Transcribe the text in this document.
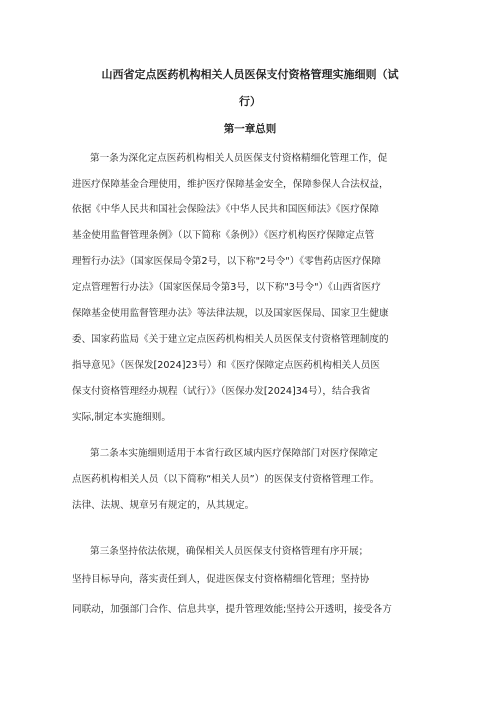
山西省定点医药机构相关人员医保支付资格管理实施细则（试
行）
第一章总则
第一条为深化定点医药机构相关人员医保支付资格精细化管理工作，促
进医疗保障基金合理使用，维护医疗保障基金安全，保障参保人合法权益，
依据《中华人民共和国社会保险法》《中华人民共和国医师法》《医疗保障
基金使用监督管理条例》（以下简称《条例》）《医疗机构医疗保障定点管
理暂行办法》（国家医保局令第2号，以下称"2号令"）《零售药店医疗保障
定点管理暂行办法》（国家医保局令第3号，以下称"3号令"）《山西省医疗
保障基金使用监督管理办法》等法律法规，以及国家医保局、国家卫生健康
委、国家药监局《关于建立定点医药机构相关人员医保支付资格管理制度的
指导意见》（医保发[2024]23号）和《医疗保障定点医药机构相关人员医
保支付资格管理经办规程（试行）》（医保办发[2024]34号），结合我省
实际,制定本实施细则。
第二条本实施细则适用于本省行政区域内医疗保障部门对医疗保障定
点医药机构相关人员（以下简称“相关人员”）的医保支付资格管理工作。
法律、法规、规章另有规定的，从其规定。
第三条坚持依法依规，确保相关人员医保支付资格管理有序开展；
坚持目标导向，落实责任到人，促进医保支付资格精细化管理；坚持协
同联动，加强部门合作、信息共享，提升管理效能;坚持公开透明，接受各方
